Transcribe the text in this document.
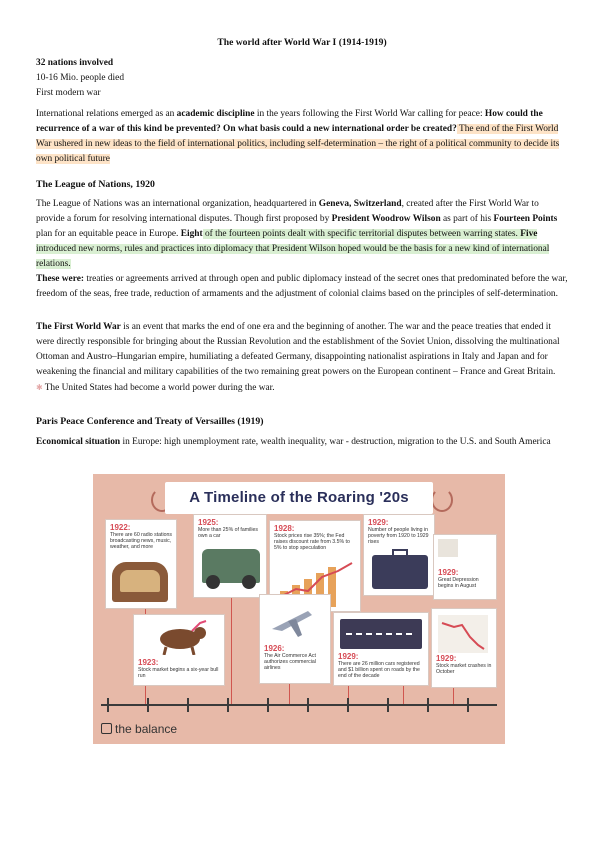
The world after World War I (1914-1919)

32 nations involved

10-16 Mio. people died

First modern war

International relations emerged as an academic discipline in the years following the First World War calling for peace: How could the recurrence of a war of this kind be prevented? On what basis could a new international order be created? The end of the First World War ushered in new ideas to the field of international politics, including self-determination – the right of a political community to decide its own political future

The League of Nations, 1920

The League of Nations was an international organization, headquartered in Geneva, Switzerland, created after the First World War to provide a forum for resolving international disputes. Though first proposed by President Woodrow Wilson as part of his Fourteen Points plan for an equitable peace in Europe. Eight of the fourteen points dealt with specific territorial disputes between warring states. Five introduced new norms, rules and practices into diplomacy that President Wilson hoped would be the basis for a new kind of international relations.

These were: treaties or agreements arrived at through open and public diplomacy instead of the secret ones that predominated before the war, freedom of the seas, free trade, reduction of armaments and the adjustment of colonial claims based on the principles of self-determination.

The First World War is an event that marks the end of one era and the beginning of another. The war and the peace treaties that ended it were directly responsible for bringing about the Russian Revolution and the establishment of the Soviet Union, dissolving the multinational Ottoman and Austro–Hungarian empire, humiliating a defeated Germany, disappointing nationalist aspirations in Italy and Japan and for weakening the financial and military capabilities of the two remaining great powers on the European continent – France and Great Britain.

✱ The United States had become a world power during the war.

Paris Peace Conference and Treaty of Versailles (1919)

Economical situation in Europe: high unemployment rate, wealth inequality, war - destruction, migration to the U.S. and South America

A Timeline of the Roaring '20s
1922:
There are 60 radio stations broadcasting news, music, weather, and more
1925:
More than 25% of families own a car
1928:
Stock prices rise 35%; the Fed raises discount rate from 3.5% to 5% to stop speculation
1929:
Number of people living in poverty from 1920 to 1929 rises
1929:
Great Depression begins in August
1923:
Stock market begins a six-year bull run
1926:
The Air Commerce Act authorizes commercial airlines
1929:
There are 26 million cars registered and $1 billion spent on roads by the end of the decade
1929:
Stock market crashes in October
the balance
